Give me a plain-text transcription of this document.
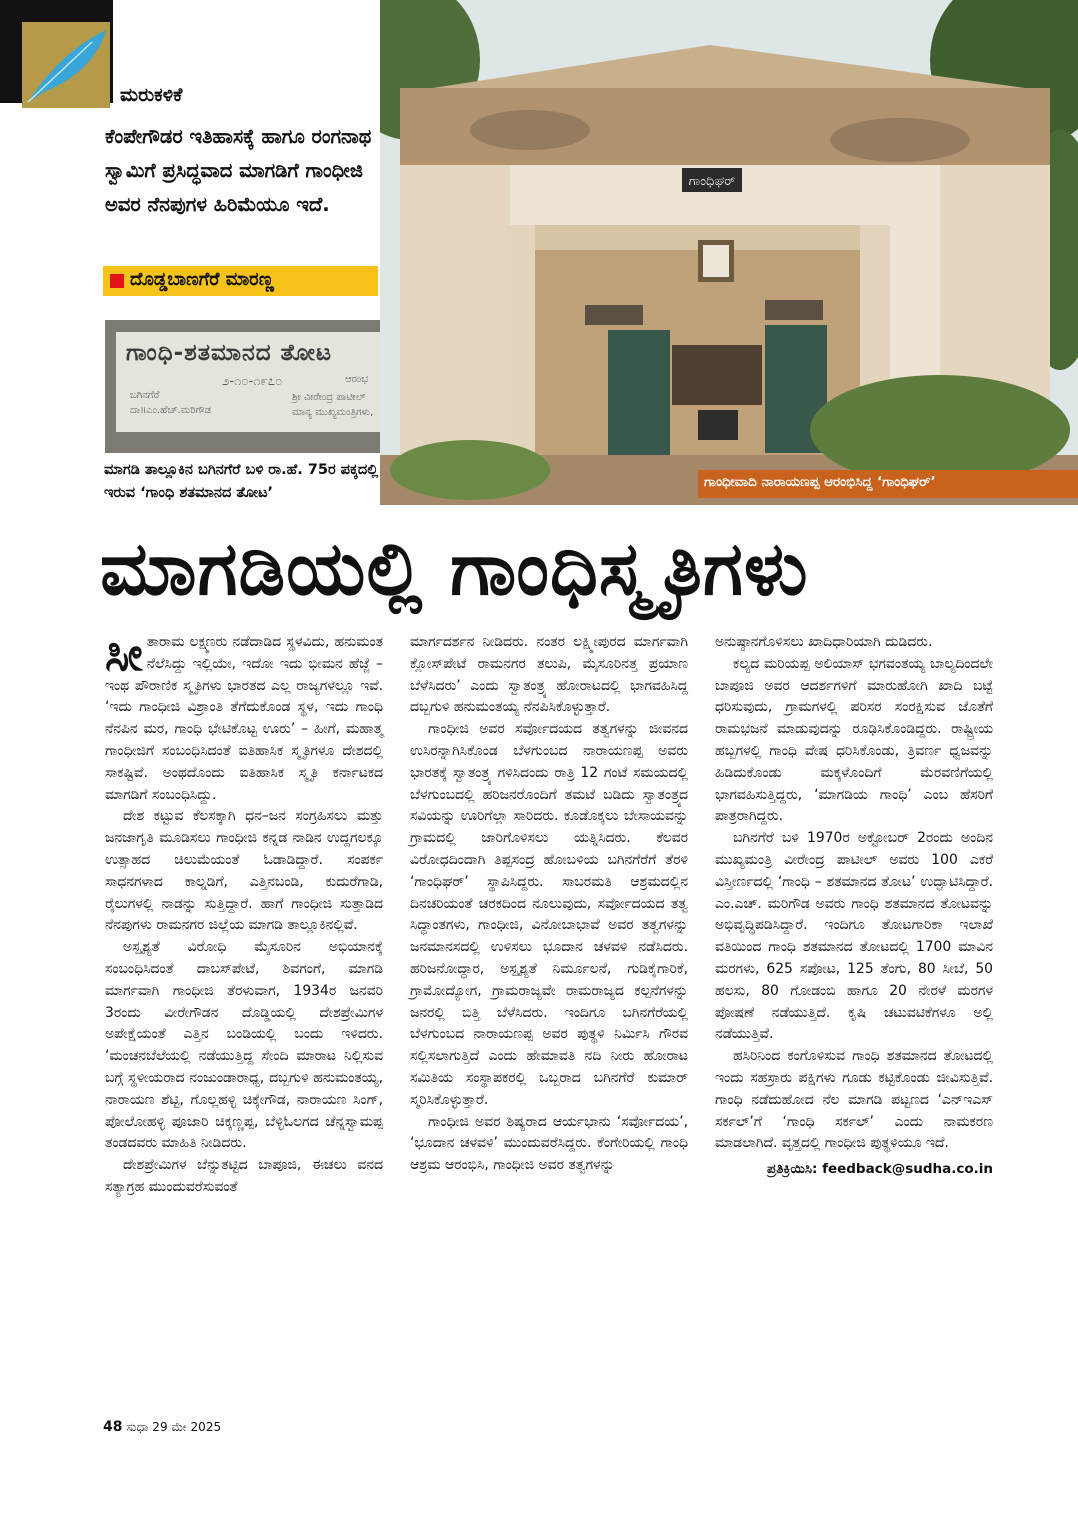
ಮರುಕಳಿಕೆ
ಕೆಂಪೇಗೌಡರ ಇತಿಹಾಸಕ್ಕೆ ಹಾಗೂ ರಂಗನಾಥ ಸ್ವಾಮಿಗೆ ಪ್ರಸಿದ್ಧವಾದ ಮಾಗಡಿಗೆ ಗಾಂಧೀಜಿ ಅವರ ನೆನಪುಗಳ ಹಿರಿಮೆಯೂ ಇದೆ.
ದೊಡ್ಡಬಾಣಗೆರೆ ಮಾರಣ್ಣ
ಗಾಂಧಿ-ಶತಮಾನದ ತೋಟ
೨-೧೦-೧೯೭೦
ಬಗಿನಗೆರೆ
ದಾ॥ಎಂ.ಹೆಚ್.ಮರಿಗೌಡ
ಆರಂಭ
ಶ್ರೀ ವೀರೇಂದ್ರ ಪಾಟೀಲ್
ಮಾನ್ಯ ಮುಖ್ಯಮಂತ್ರಿಗಳು,
ಮಾಗಡಿ ತಾಲ್ಲೂಕಿನ ಬಗಿನಗೆರೆ ಬಳಿ ರಾ.ಹೆ. 75ರ ಪಕ್ಕದಲ್ಲಿ ಇರುವ ‘ಗಾಂಧಿ ಶತಮಾನದ ತೋಟ’
ಗಾಂಧಿಘರ್
ಗಾಂಧೀವಾದಿ ನಾರಾಯಣಪ್ಪ ಆರಂಭಿಸಿದ್ದ ‘ಗಾಂಧಿಘರ್’
ಮಾಗಡಿಯಲ್ಲಿ ಗಾಂಧಿಸ್ಮೃತಿಗಳು

ಸೀತಾರಾಮ ಲಕ್ಷ್ಮಣರು ನಡೆದಾಡಿದ ಸ್ಥಳವಿದು, ಹನುಮಂತ ನೆಲೆಸಿದ್ದು ಇಲ್ಲಿಯೇ, ಇದೋ ಇದು ಭೀಮನ ಹೆಜ್ಜೆ – ಇಂಥ ಪೌರಾಣಿಕ ಸ್ಮೃತಿಗಳು ಭಾರತದ ಎಲ್ಲ ರಾಜ್ಯಗಳಲ್ಲೂ ಇವೆ. ‘ಇದು ಗಾಂಧೀಜಿ ವಿಶ್ರಾಂತಿ ತೆಗೆದುಕೊಂಡ ಸ್ಥಳ, ಇದು ಗಾಂಧಿ ನೆನಪಿನ ಮರ, ಗಾಂಧಿ ಭೇಟಿಕೊಟ್ಟ ಊರು’ – ಹೀಗೆ, ಮಹಾತ್ಮ ಗಾಂಧೀಜಿಗೆ ಸಂಬಂಧಿಸಿದಂತೆ ಐತಿಹಾಸಿಕ ಸ್ಮೃತಿಗಳೂ ದೇಶದಲ್ಲಿ ಸಾಕಷ್ಟಿವೆ. ಅಂಥದೊಂದು ಐತಿಹಾಸಿಕ ಸ್ಮೃತಿ ಕರ್ನಾಟಕದ ಮಾಗಡಿಗೆ ಸಂಬಂಧಿಸಿದ್ದು.

ದೇಶ ಕಟ್ಟುವ ಕೆಲಸಕ್ಕಾಗಿ ಧನ–ಜನ ಸಂಗ್ರಹಿಸಲು ಮತ್ತು ಜನಜಾಗೃತಿ ಮೂಡಿಸಲು ಗಾಂಧೀಜಿ ಕನ್ನಡ ನಾಡಿನ ಉದ್ದಗಲಕ್ಕೂ ಉತ್ಸಾಹದ ಚಿಲುಮೆಯಂತೆ ಓಡಾಡಿದ್ದಾರೆ. ಸಂಪರ್ಕ ಸಾಧನಗಳಾದ ಕಾಲ್ನಡಿಗೆ, ಎತ್ತಿನಬಂಡಿ, ಕುದುರೆಗಾಡಿ, ರೈಲುಗಳಲ್ಲಿ ನಾಡನ್ನು ಸುತ್ತಿದ್ದಾರೆ. ಹಾಗೆ ಗಾಂಧೀಜಿ ಸುತ್ತಾಡಿದ ನೆನಪುಗಳು ರಾಮನಗರ ಜಿಲ್ಲೆಯ ಮಾಗಡಿ ತಾಲ್ಲೂಕಿನಲ್ಲಿವೆ.

ಅಸ್ಪೃಶ್ಯತೆ ವಿರೋಧಿ ಮೈಸೂರಿನ ಅಭಿಯಾನಕ್ಕೆ ಸಂಬಂಧಿಸಿದಂತೆ ದಾಬಸ್‌ಪೇಟೆ, ಶಿವಗಂಗೆ, ಮಾಗಡಿ ಮಾರ್ಗವಾಗಿ ಗಾಂಧೀಜಿ ತೆರಳುವಾಗ, 1934ರ ಜನವರಿ 3ರಂದು ವೀರೇಗೌಡನ ದೊಡ್ಡಿಯಲ್ಲಿ ದೇಶಪ್ರೇಮಿಗಳ ಅಪೇಕ್ಷೆಯಂತೆ ಎತ್ತಿನ ಬಂಡಿಯಲ್ಲಿ ಬಂದು ಇಳಿದರು. ‘ಮಂಚನಬೆಲೆಯಲ್ಲಿ ನಡೆಯುತ್ತಿದ್ದ ಸೇಂದಿ ಮಾರಾಟ ನಿಲ್ಲಿಸುವ ಬಗ್ಗೆ ಸ್ಥಳೀಯರಾದ ನಂಜುಂಡಾರಾಧ್ಯ, ದಬ್ಬಗುಳಿ ಹನುಮಂತಯ್ಯ, ನಾರಾಯಣ ಶೆಟ್ಟಿ, ಗೊಲ್ಲಹಳ್ಳಿ ಚಿಕ್ಕೇಗೌಡ, ನಾರಾಯಣ ಸಿಂಗ್, ಪೋಲೋಹಳ್ಳಿ ಪೂಜಾರಿ ಚಿಕ್ಕಣ್ಣಪ್ಪ, ಬೆಳ್ಳಿಓಲಗದ ಚೆನ್ನಸ್ವಾಮಪ್ಪ ತಂಡದವರು ಮಾಹಿತಿ ನೀಡಿದರು.

ದೇಶಪ್ರೇಮಿಗಳ ಬೆನ್ನುತಟ್ಟಿದ ಬಾಪೂಜಿ, ಈಚಲು ವನದ ಸತ್ಯಾಗ್ರಹ ಮುಂದುವರೆಸುವಂತೆ

ಮಾರ್ಗದರ್ಶನ ನೀಡಿದರು. ನಂತರ ಲಕ್ಷ್ಮೀಪುರದ ಮಾರ್ಗವಾಗಿ ಕ್ಲೋಸ್‌ಪೇಟೆ ರಾಮನಗರ ತಲುಪಿ, ಮೈಸೂರಿನತ್ತ ಪ್ರಯಾಣ ಬೆಳೆಸಿದರು’ ಎಂದು ಸ್ವಾತಂತ್ರ್ಯ ಹೋರಾಟದಲ್ಲಿ ಭಾಗವಹಿಸಿದ್ದ ದಬ್ಬಗುಳಿ ಹನುಮಂತಯ್ಯ ನೆನಪಿಸಿಕೊಳ್ಳುತ್ತಾರೆ.

ಗಾಂಧೀಜಿ ಅವರ ಸರ್ವೋದಯದ ತತ್ವಗಳನ್ನು ಜೀವನದ ಉಸಿರನ್ನಾಗಿಸಿಕೊಂಡ ಬೆಳಗುಂಬದ ನಾರಾಯಣಪ್ಪ ಅವರು ಭಾರತಕ್ಕೆ ಸ್ವಾತಂತ್ರ್ಯ ಗಳಿಸಿದಂದು ರಾತ್ರಿ 12 ಗಂಟೆ ಸಮಯದಲ್ಲಿ ಬೆಳಗುಂಬದಲ್ಲಿ ಹರಿಜನರೊಂದಿಗೆ ತಮಟೆ ಬಡಿದು ಸ್ವಾತಂತ್ರ್ಯದ ಸವಿಯನ್ನು ಊರಿಗೆಲ್ಲಾ ಸಾರಿದರು. ಕೂಡೊಕ್ಕಲು ಬೇಸಾಯವನ್ನು ಗ್ರಾಮದಲ್ಲಿ ಜಾರಿಗೊಳಿಸಲು ಯತ್ನಿಸಿದರು. ಕೆಲವರ ವಿರೋಧದಿಂದಾಗಿ ತಿಪ್ಪಸಂದ್ರ ಹೋಬಳಿಯ ಬಗಿನಗೆರೆಗೆ ತೆರಳಿ ‘ಗಾಂಧಿಘರ್’ ಸ್ಥಾಪಿಸಿದ್ದರು. ಸಾಬರಮತಿ ಆಶ್ರಮದಲ್ಲಿನ ದಿನಚರಿಯಂತೆ ಚರಕದಿಂದ ನೂಲುವುದು, ಸರ್ವೋದಯದ ತತ್ವ ಸಿದ್ಧಾಂತಗಳು, ಗಾಂಧೀಜಿ, ವಿನೋಬಾಭಾವೆ ಅವರ ತತ್ವಗಳನ್ನು ಜನಮಾನಸದಲ್ಲಿ ಉಳಿಸಲು ಭೂದಾನ ಚಳವಳಿ ನಡೆಸಿದರು. ಹರಿಜನೋದ್ಧಾರ, ಅಸ್ಪೃಶ್ಯತೆ ನಿರ್ಮೂಲನೆ, ಗುಡಿಕೈಗಾರಿಕೆ, ಗ್ರಾಮೋದ್ಯೋಗ, ಗ್ರಾಮರಾಜ್ಯವೇ ರಾಮರಾಜ್ಯದ ಕಲ್ಪನೆಗಳನ್ನು ಜನರಲ್ಲಿ ಬಿತ್ತಿ ಬೆಳೆಸಿದರು. ಇಂದಿಗೂ ಬಗಿನಗೆರೆಯಲ್ಲಿ ಬೆಳಗುಂಬದ ನಾರಾಯಣಪ್ಪ ಅವರ ಪುತ್ಥಳಿ ನಿರ್ಮಿಸಿ ಗೌರವ ಸಲ್ಲಿಸಲಾಗುತ್ತಿದೆ ಎಂದು ಹೇಮಾವತಿ ನದಿ ನೀರು ಹೋರಾಟ ಸಮಿತಿಯ ಸಂಸ್ಥಾಪಕರಲ್ಲಿ ಒಬ್ಬರಾದ ಬಗಿನಗೆರೆ ಕುಮಾರ್ ಸ್ಮರಿಸಿಕೊಳ್ಳುತ್ತಾರೆ.

ಗಾಂಧೀಜಿ ಅವರ ಶಿಷ್ಯರಾದ ಆರ್ಯಭಾನು ‘ಸರ್ವೋದಯ’, ‘ಭೂದಾನ ಚಳವಳಿ’ ಮುಂದುವರೆಸಿದ್ದರು. ಕೆಂಗೇರಿಯಲ್ಲಿ ಗಾಂಧಿ ಆಶ್ರಮ ಆರಂಭಿಸಿ, ಗಾಂಧೀಜಿ ಅವರ ತತ್ವಗಳನ್ನು

ಅನುಷ್ಠಾನಗೊಳಿಸಲು ಖಾದಿಧಾರಿಯಾಗಿ ದುಡಿದರು.

ಕಲ್ಯದ ಮರಿಯಪ್ಪ ಅಲಿಯಾಸ್ ಭಗವಂತಯ್ಯ ಬಾಲ್ಯದಿಂದಲೇ ಬಾಪೂಜಿ ಅವರ ಆದರ್ಶಗಳಿಗೆ ಮಾರುಹೋಗಿ ಖಾದಿ ಬಟ್ಟೆ ಧರಿಸುವುದು, ಗ್ರಾಮಗಳಲ್ಲಿ ಪರಿಸರ ಸಂರಕ್ಷಿಸುವ ಜೊತೆಗೆ ರಾಮಭಜನೆ ಮಾಡುವುದನ್ನು ರೂಢಿಸಿಕೊಂಡಿದ್ದರು. ರಾಷ್ಟ್ರೀಯ ಹಬ್ಬಗಳಲ್ಲಿ ಗಾಂಧಿ ವೇಷ ಧರಿಸಿಕೊಂಡು, ತ್ರಿವರ್ಣ ಧ್ವಜವನ್ನು ಹಿಡಿದುಕೊಂಡು ಮಕ್ಕಳೊಂದಿಗೆ ಮೆರವಣಿಗೆಯಲ್ಲಿ ಭಾಗವಹಿಸುತ್ತಿದ್ದರು, ‘ಮಾಗಡಿಯ ಗಾಂಧಿ’ ಎಂಬ ಹೆಸರಿಗೆ ಪಾತ್ರರಾಗಿದ್ದರು.

ಬಗಿನಗೆರೆ ಬಳಿ 1970ರ ಅಕ್ಟೋಬರ್ 2ರಂದು ಅಂದಿನ ಮುಖ್ಯಮಂತ್ರಿ ವೀರೇಂದ್ರ ಪಾಟೀಲ್ ಅವರು 100 ಎಕರೆ ವಿಸ್ತೀರ್ಣದಲ್ಲಿ ‘ಗಾಂಧಿ – ಶತಮಾನದ ತೋಟ’ ಉದ್ಘಾಟಿಸಿದ್ದಾರೆ. ಎಂ.ಎಚ್. ಮರಿಗೌಡ ಅವರು ಗಾಂಧಿ ಶತಮಾನದ ತೋಟವನ್ನು ಅಭಿವೃದ್ಧಿಪಡಿಸಿದ್ದಾರೆ. ಇಂದಿಗೂ ತೋಟಗಾರಿಕಾ ಇಲಾಖೆ ವತಿಯಿಂದ ಗಾಂಧಿ ಶತಮಾನದ ತೋಟದಲ್ಲಿ 1700 ಮಾವಿನ ಮರಗಳು, 625 ಸಪೋಟ, 125 ತೆಂಗು, 80 ಸೀಬೆ, 50 ಹಲಸು, 80 ಗೋಡಂಬಿ ಹಾಗೂ 20 ನೇರಳೆ ಮರಗಳ ಪೋಷಣೆ ನಡೆಯುತ್ತಿದೆ. ಕೃಷಿ ಚಟುವಟಿಕೆಗಳೂ ಅಲ್ಲಿ ನಡೆಯುತ್ತಿವೆ.

ಹಸಿರಿನಿಂದ ಕಂಗೊಳಿಸುವ ಗಾಂಧಿ ಶತಮಾನದ ತೋಟದಲ್ಲಿ ಇಂದು ಸಹಸ್ರಾರು ಪಕ್ಷಿಗಳು ಗೂಡು ಕಟ್ಟಿಕೊಂಡು ಜೀವಿಸುತ್ತಿವೆ. ಗಾಂಧಿ ನಡೆದುಹೋದ ನೆಲ ಮಾಗಡಿ ಪಟ್ಟಣದ ‘ಎನ್‌ಇಎಸ್ ಸರ್ಕಲ್’ಗೆ ‘ಗಾಂಧಿ ಸರ್ಕಲ್’ ಎಂದು ನಾಮಕರಣ ಮಾಡಲಾಗಿದೆ. ವೃತ್ತದಲ್ಲಿ ಗಾಂಧೀಜಿ ಪುತ್ಥಳಿಯೂ ಇದೆ.

ಪ್ರತಿಕ್ರಿಯಿಸಿ: feedback@sudha.co.in
48 ಸುಧಾ 29 ಮೇ 2025
